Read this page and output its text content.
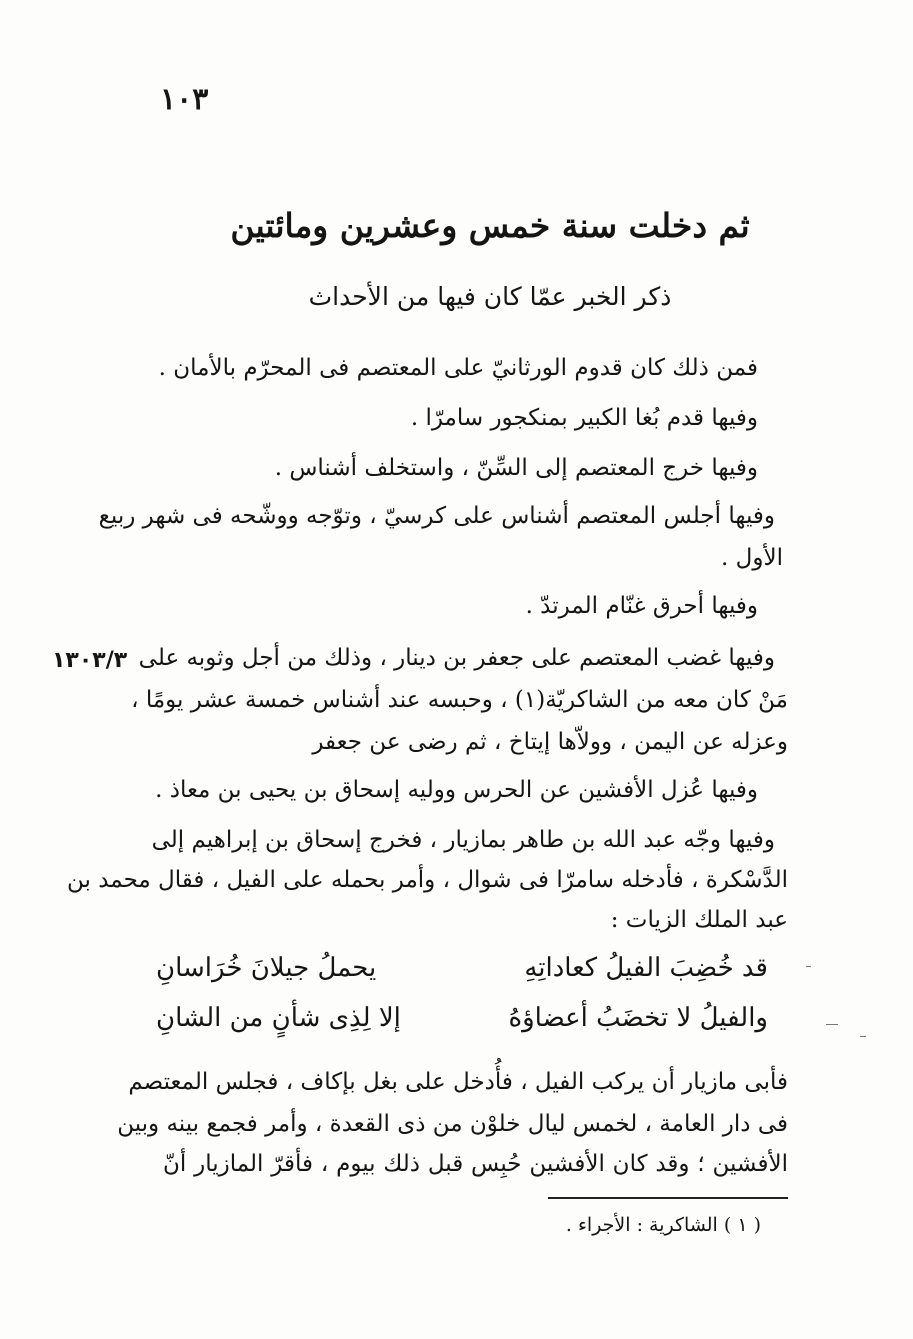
١٠٣
ثم دخلت سنة خمس وعشرين ومائتين
ذكر الخبر عمّا كان فيها من الأحداث
فمن ذلك كان قدوم الورثانيّ على المعتصم فى المحرّم بالأمان .
وفيها قدم بُغا الكبير بمنكجور سامرّا .
وفيها خرج المعتصم إلى السِّنّ ، واستخلف أشناس .
وفيها أجلس المعتصم أشناس على كرسيّ ، وتوّجه ووشّحه فى شهر ربيع
الأول .
وفيها أحرق غنّام المرتدّ .
وفيها غضب المعتصم على جعفر بن دينار ، وذلك من أجل وثوبه على
١٣٠٣/٣
مَنْ كان معه من الشاكريّة(١) ، وحبسه عند أشناس خمسة عشر يومًا ،
وعزله عن اليمن ، وولاّها إيتاخ ، ثم رضى عن جعفر
وفيها عُزل الأفشين عن الحرس ووليه إسحاق بن يحيى بن معاذ .
وفيها وجّه عبد الله بن طاهر بمازيار ، فخرج إسحاق بن إبراهيم إلى
الدَّسْكرة ، فأدخله سامرّا فى شوال ، وأمر بحمله على الفيل ، فقال محمد بن
عبد الملك الزيات :
قد خُضِبَ الفيلُ كعاداتِهِ
يحملُ جيلانَ خُرَاسانِ
والفيلُ لا تخضَبُ أعضاؤهُ
إلا لِذِى شأنٍ من الشانِ
فأبى مازيار أن يركب الفيل ، فأُدخل على بغل بإكاف ، فجلس المعتصم
فى دار العامة ، لخمس ليال خلوْن من ذى القعدة ، وأمر فجمع بينه وبين
الأفشين ؛ وقد كان الأفشين حُبِس قبل ذلك بيوم ، فأقرّ المازيار أنّ
( ١ ) الشاكرية : الأجراء .
